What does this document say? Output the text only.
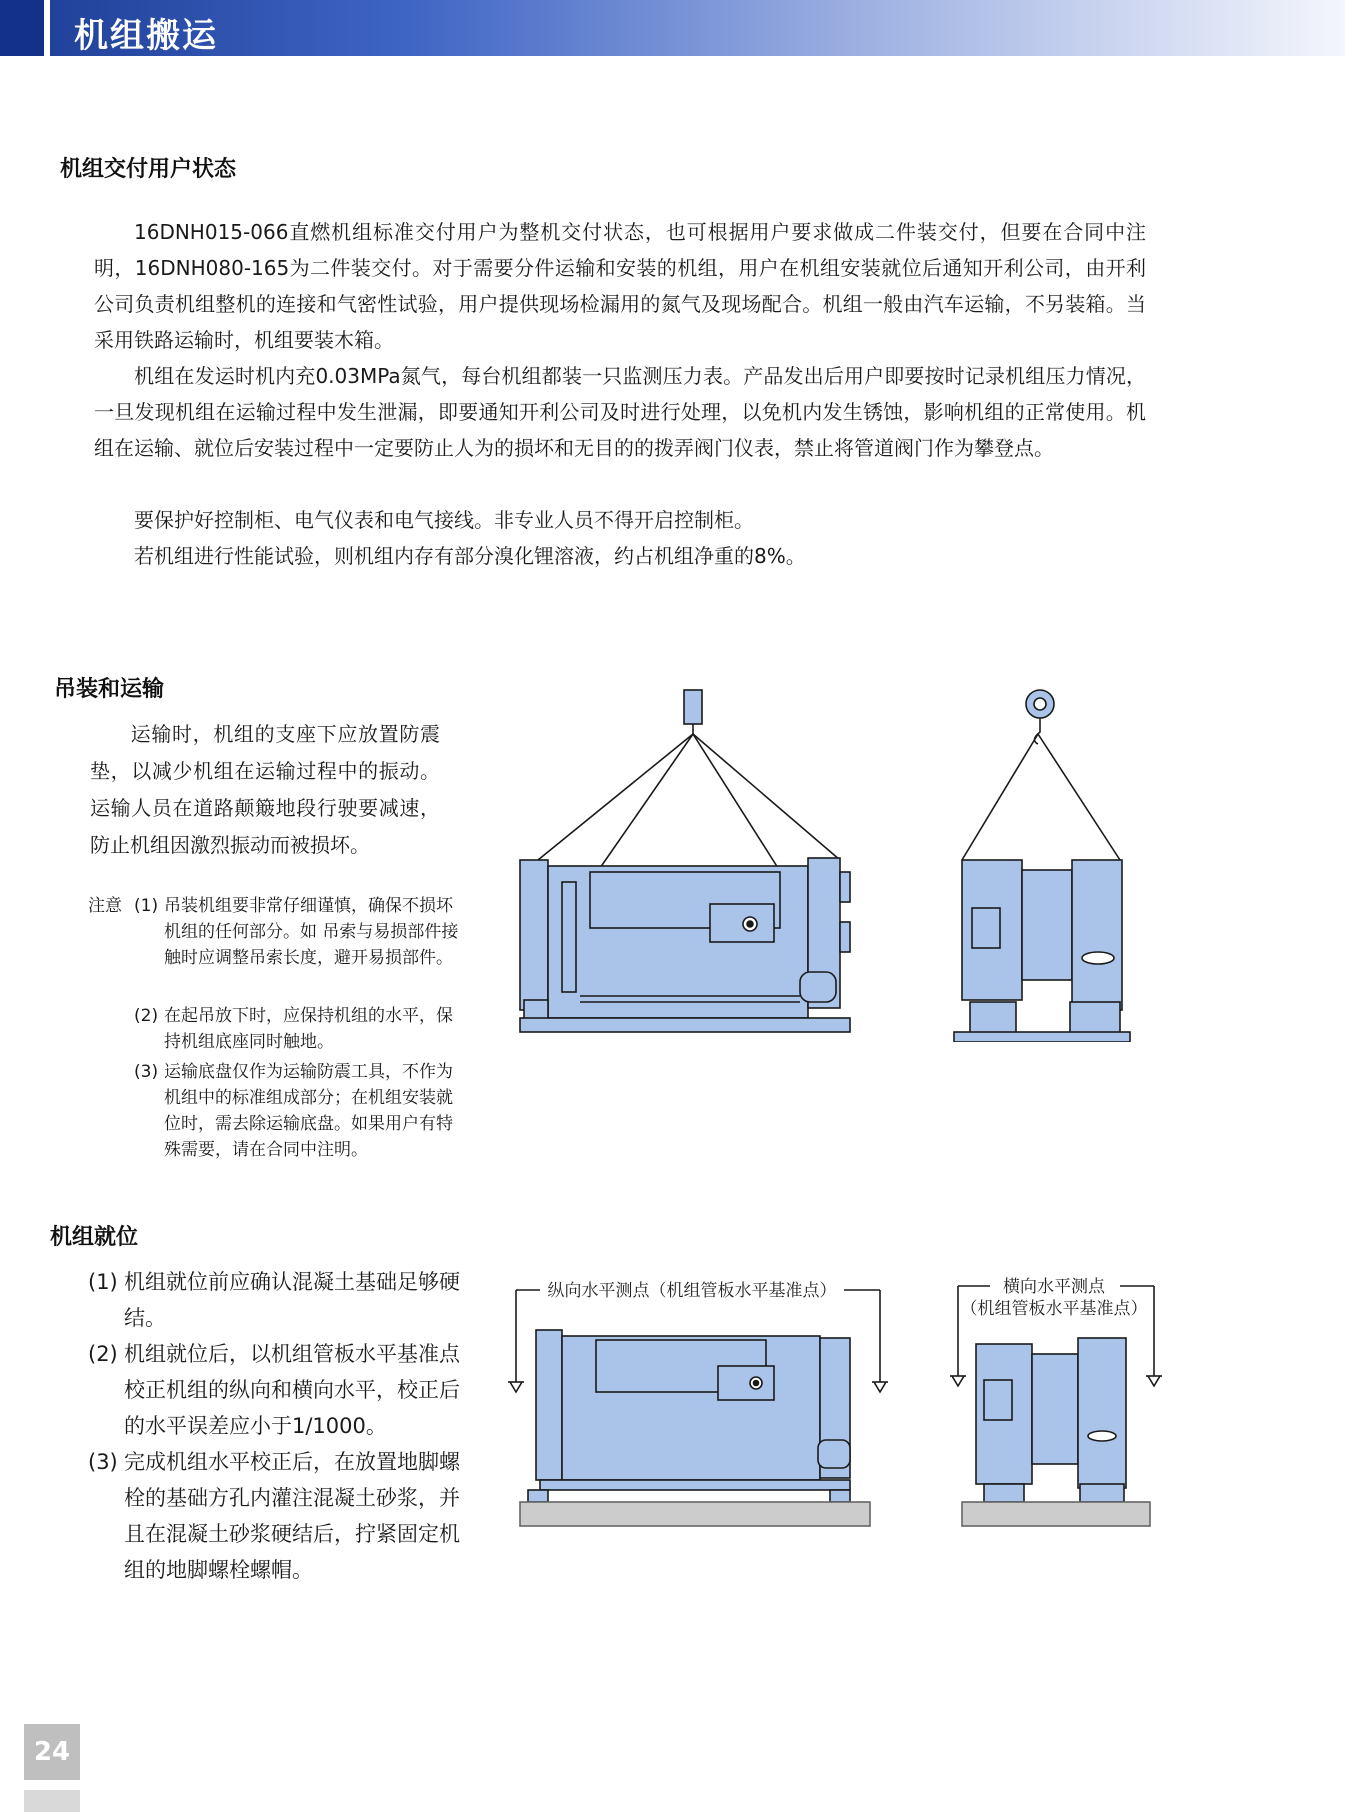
机组搬运
机组交付用户状态

16DNH015-066直燃机组标准交付用户为整机交付状态，也可根据用户要求做成二件装交付，但要在合同中注明，16DNH080-165为二件装交付。对于需要分件运输和安装的机组，用户在机组安装就位后通知开利公司，由开利公司负责机组整机的连接和气密性试验，用户提供现场检漏用的氮气及现场配合。机组一般由汽车运输，不另装箱。当采用铁路运输时，机组要装木箱。

机组在发运时机内充0.03MPa氮气，每台机组都装一只监测压力表。产品发出后用户即要按时记录机组压力情况，一旦发现机组在运输过程中发生泄漏，即要通知开利公司及时进行处理，以免机内发生锈蚀，影响机组的正常使用。机组在运输、就位后安装过程中一定要防止人为的损坏和无目的的拨弄阀门仪表，禁止将管道阀门作为攀登点。

要保护好控制柜、电气仪表和电气接线。非专业人员不得开启控制柜。

若机组进行性能试验，则机组内存有部分溴化锂溶液，约占机组净重的8%。

吊装和运输

运输时，机组的支座下应放置防震垫，以减少机组在运输过程中的振动。运输人员在道路颠簸地段行驶要减速，防止机组因激烈振动而被损坏。

注意 (1) 吊装机组要非常仔细谨慎，确保不损坏机组的任何部分。如 吊索与易损部件接触时应调整吊索长度，避开易损部件。

(2) 在起吊放下时，应保持机组的水平，保持机组底座同时触地。

(3) 运输底盘仅作为运输防震工具，不作为机组中的标准组成部分；在机组安装就位时，需去除运输底盘。如果用户有特殊需要，请在合同中注明。

机组就位
(1) 机组就位前应确认混凝土基础足够硬结。

(2) 机组就位后，以机组管板水平基准点校正机组的纵向和横向水平，校正后的水平误差应小于1/1000。

(3) 完成机组水平校正后，在放置地脚螺栓的基础方孔内灌注混凝土砂浆，并且在混凝土砂浆硬结后，拧紧固定机组的地脚螺栓螺帽。

纵向水平测点（机组管板水平基准点）	横向水平测点
（机组管板水平基准点）
24
